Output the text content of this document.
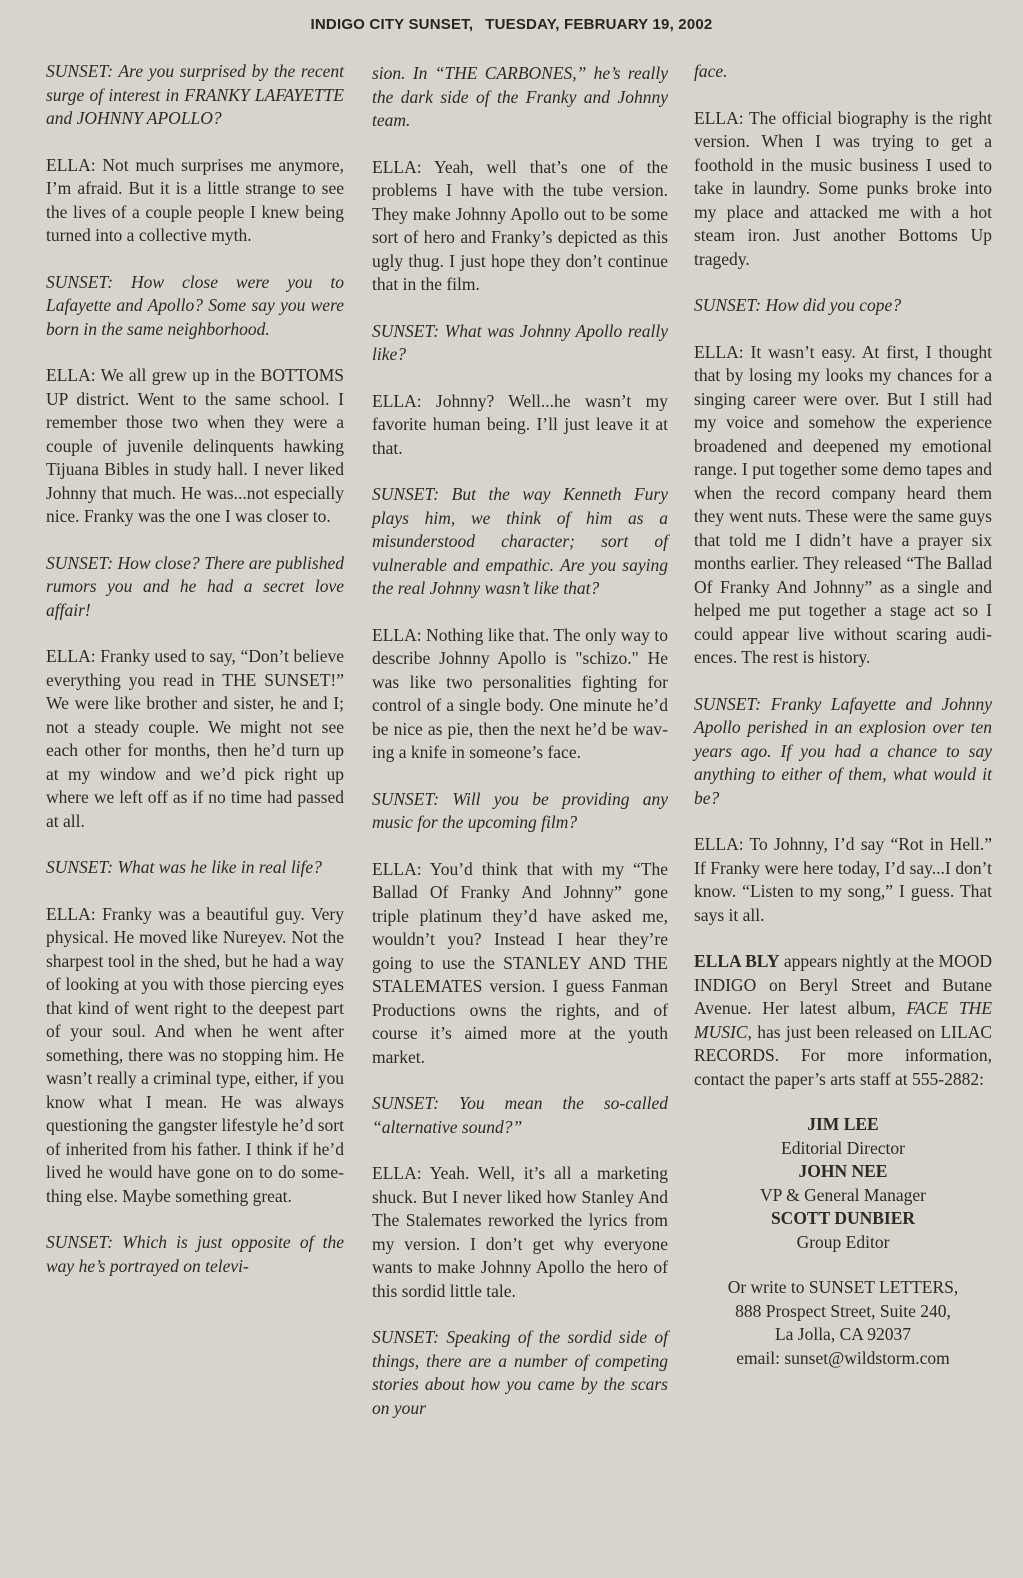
INDIGO CITY SUNSET, TUESDAY, FEBRUARY 19, 2002

SUNSET: Are you surprised by the recent surge of interest in FRANKY LAFAYETTE and JOHNNY APOLLO?

ELLA: Not much surprises me anymore, I’m afraid. But it is a little strange to see the lives of a couple people I knew being turned into a collective myth.

SUNSET: How close were you to Lafayette and Apollo? Some say you were born in the same neighborhood.

ELLA: We all grew up in the BOTTOMS UP district. Went to the same school. I remember those two when they were a couple of juvenile delinquents hawking Tijuana Bibles in study hall. I never liked Johnny that much. He was...not especially nice. Franky was the one I was closer to.

SUNSET: How close? There are published rumors you and he had a secret love affair!

ELLA: Franky used to say, “Don’t believe everything you read in THE SUNSET!” We were like brother and sister, he and I; not a steady couple. We might not see each other for months, then he’d turn up at my window and we’d pick right up where we left off as if no time had passed at all.

SUNSET: What was he like in real life?

ELLA: Franky was a beautiful guy. Very physical. He moved like Nureyev. Not the sharpest tool in the shed, but he had a way of looking at you with those piercing eyes that kind of went right to the deepest part of your soul. And when he went after something, there was no stopping him. He wasn’t really a criminal type, either, if you know what I mean. He was always questioning the gangster lifestyle he’d sort of inherited from his father. I think if he’d lived he would have gone on to do something else. Maybe something great.

SUNSET: Which is just opposite of the way he’s portrayed on televi-

sion. In “THE CARBONES,” he’s really the dark side of the Franky and Johnny team.

ELLA: Yeah, well that’s one of the problems I have with the tube version. They make Johnny Apollo out to be some sort of hero and Franky’s depicted as this ugly thug. I just hope they don’t continue that in the film.

SUNSET: What was Johnny Apollo really like?

ELLA: Johnny? Well...he wasn’t my favorite human being. I’ll just leave it at that.

SUNSET: But the way Kenneth Fury plays him, we think of him as a misunderstood character; sort of vulnerable and empathic. Are you saying the real Johnny wasn’t like that?

ELLA: Nothing like that. The only way to describe Johnny Apollo is "schizo." He was like two personalities fighting for control of a single body. One minute he’d be nice as pie, then the next he’d be waving a knife in someone’s face.

SUNSET: Will you be providing any music for the upcoming film?

ELLA: You’d think that with my “The Ballad Of Franky And Johnny” gone triple platinum they’d have asked me, wouldn’t you? Instead I hear they’re going to use the STANLEY AND THE STALEMATES version. I guess Fanman Productions owns the rights, and of course it’s aimed more at the youth market.

SUNSET: You mean the so-called “alternative sound?”

ELLA: Yeah. Well, it’s all a marketing shuck. But I never liked how Stanley And The Stalemates reworked the lyrics from my version. I don’t get why everyone wants to make Johnny Apollo the hero of this sordid little tale.

SUNSET: Speaking of the sordid side of things, there are a number of competing stories about how you came by the scars on your

face.

ELLA: The official biography is the right version. When I was trying to get a foothold in the music business I used to take in laundry. Some punks broke into my place and attacked me with a hot steam iron. Just another Bottoms Up tragedy.

SUNSET: How did you cope?

ELLA: It wasn’t easy. At first, I thought that by losing my looks my chances for a singing career were over. But I still had my voice and somehow the experience broadened and deepened my emotional range. I put together some demo tapes and when the record company heard them they went nuts. These were the same guys that told me I didn’t have a prayer six months earlier. They released “The Ballad Of Franky And Johnny” as a single and helped me put together a stage act so I could appear live without scaring audiences. The rest is history.

SUNSET: Franky Lafayette and Johnny Apollo perished in an explosion over ten years ago. If you had a chance to say anything to either of them, what would it be?

ELLA: To Johnny, I’d say “Rot in Hell.” If Franky were here today, I’d say...I don’t know. “Listen to my song,” I guess. That says it all.

ELLA BLY appears nightly at the MOOD INDIGO on Beryl Street and Butane Avenue. Her latest album, FACE THE MUSIC, has just been released on LILAC RECORDS. For more information, contact the paper’s arts staff at 555-2882:

JIM LEE
Editorial Director
JOHN NEE
VP & General Manager
SCOTT DUNBIER
Group Editor
Or write to SUNSET LETTERS,
888 Prospect Street, Suite 240,
La Jolla, CA 92037
email: sunset@wildstorm.com
